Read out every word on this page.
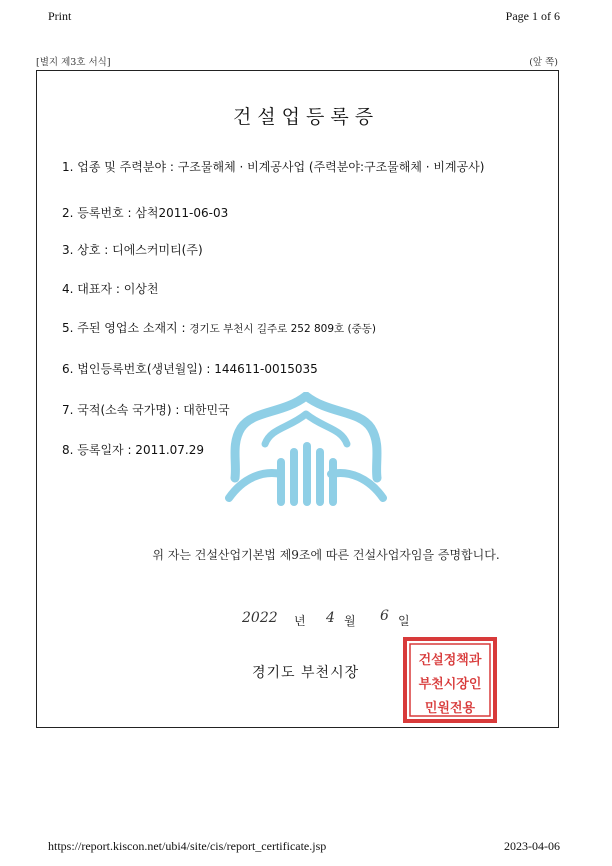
Print	Page 1 of 6
[별지 제3호 서식]	(앞 쪽)
건설업등록증
1. 업종 및 주력분야 : 구조물해체 · 비계공사업 (주력분야:구조물해체 · 비계공사)
2. 등록번호 : 삼척2011-06-03
3. 상호 : 디에스커미티(주)
4. 대표자 : 이상천
5. 주된 영업소 소재지 : 경기도 부천시 길주로 252 809호 (중동)
6. 법인등록번호(생년월일) : 144611-0015035
7. 국적(소속 국가명) : 대한민국
8. 등록일자 : 2011.07.29
위 자는 건설산업기본법 제9조에 따른 건설사업자임을 증명합니다.
2022 년 4 월 6 일
경기도 부천시장
건설정책과
부천시장인
민원전용
https://report.kiscon.net/ubi4/site/cis/report_certificate.jsp	2023-04-06
